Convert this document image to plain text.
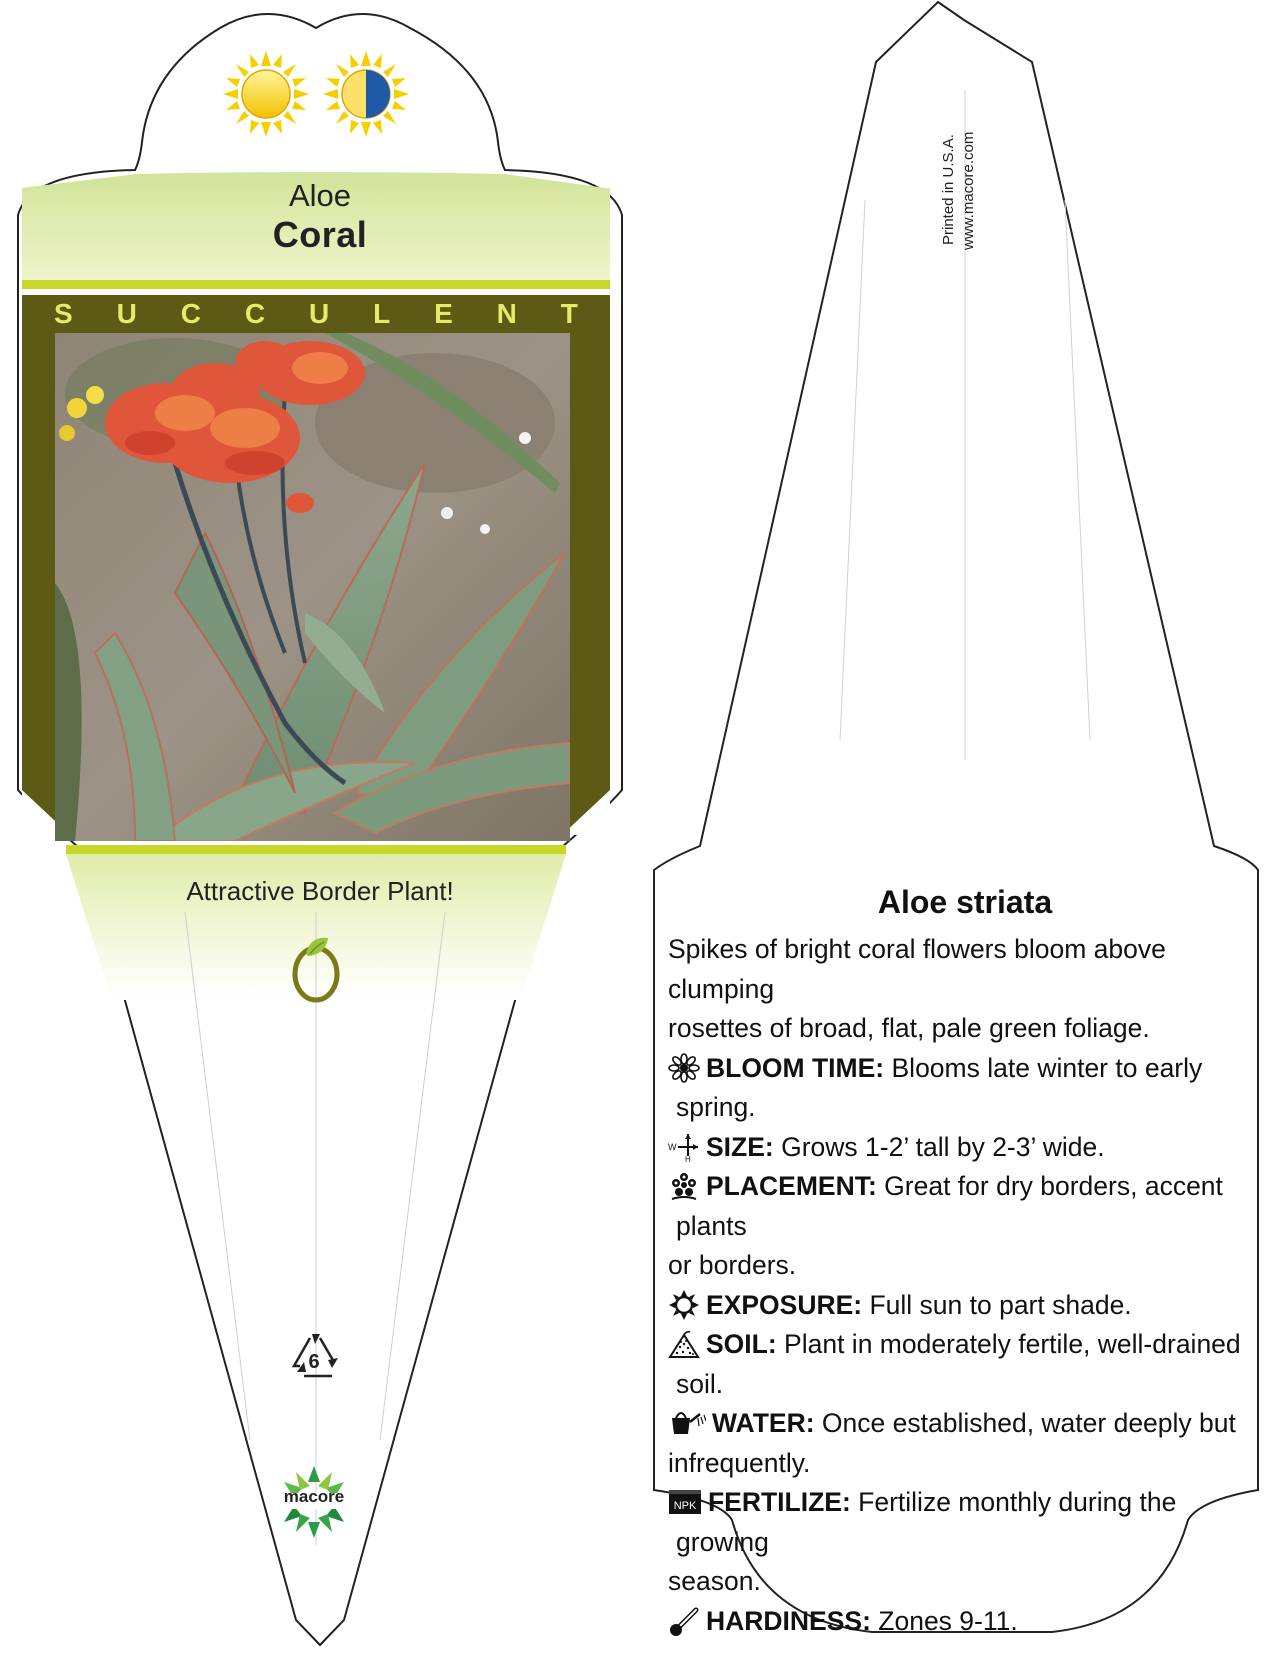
Aloe
Coral
S U C C U L E N T
Attractive Border Plant!
6
macore
Printed in U.S.A. www.macore.com
Aloe striata

Spikes of bright coral flowers bloom above clumping

rosettes of broad, flat, pale green foliage.

BLOOM TIME: Blooms late winter to early spring.

W
H SIZE: Grows 1-2’ tall by 2-3’ wide.

PLACEMENT: Great for dry borders, accent plants

or borders.

EXPOSURE: Full sun to part shade.

SOIL: Plant in moderately fertile, well-drained soil.

WATER: Once established, water deeply but

infrequently.

NPK FERTILIZE: Fertilize monthly during the growing

season.

HARDINESS: Zones 9-11.
